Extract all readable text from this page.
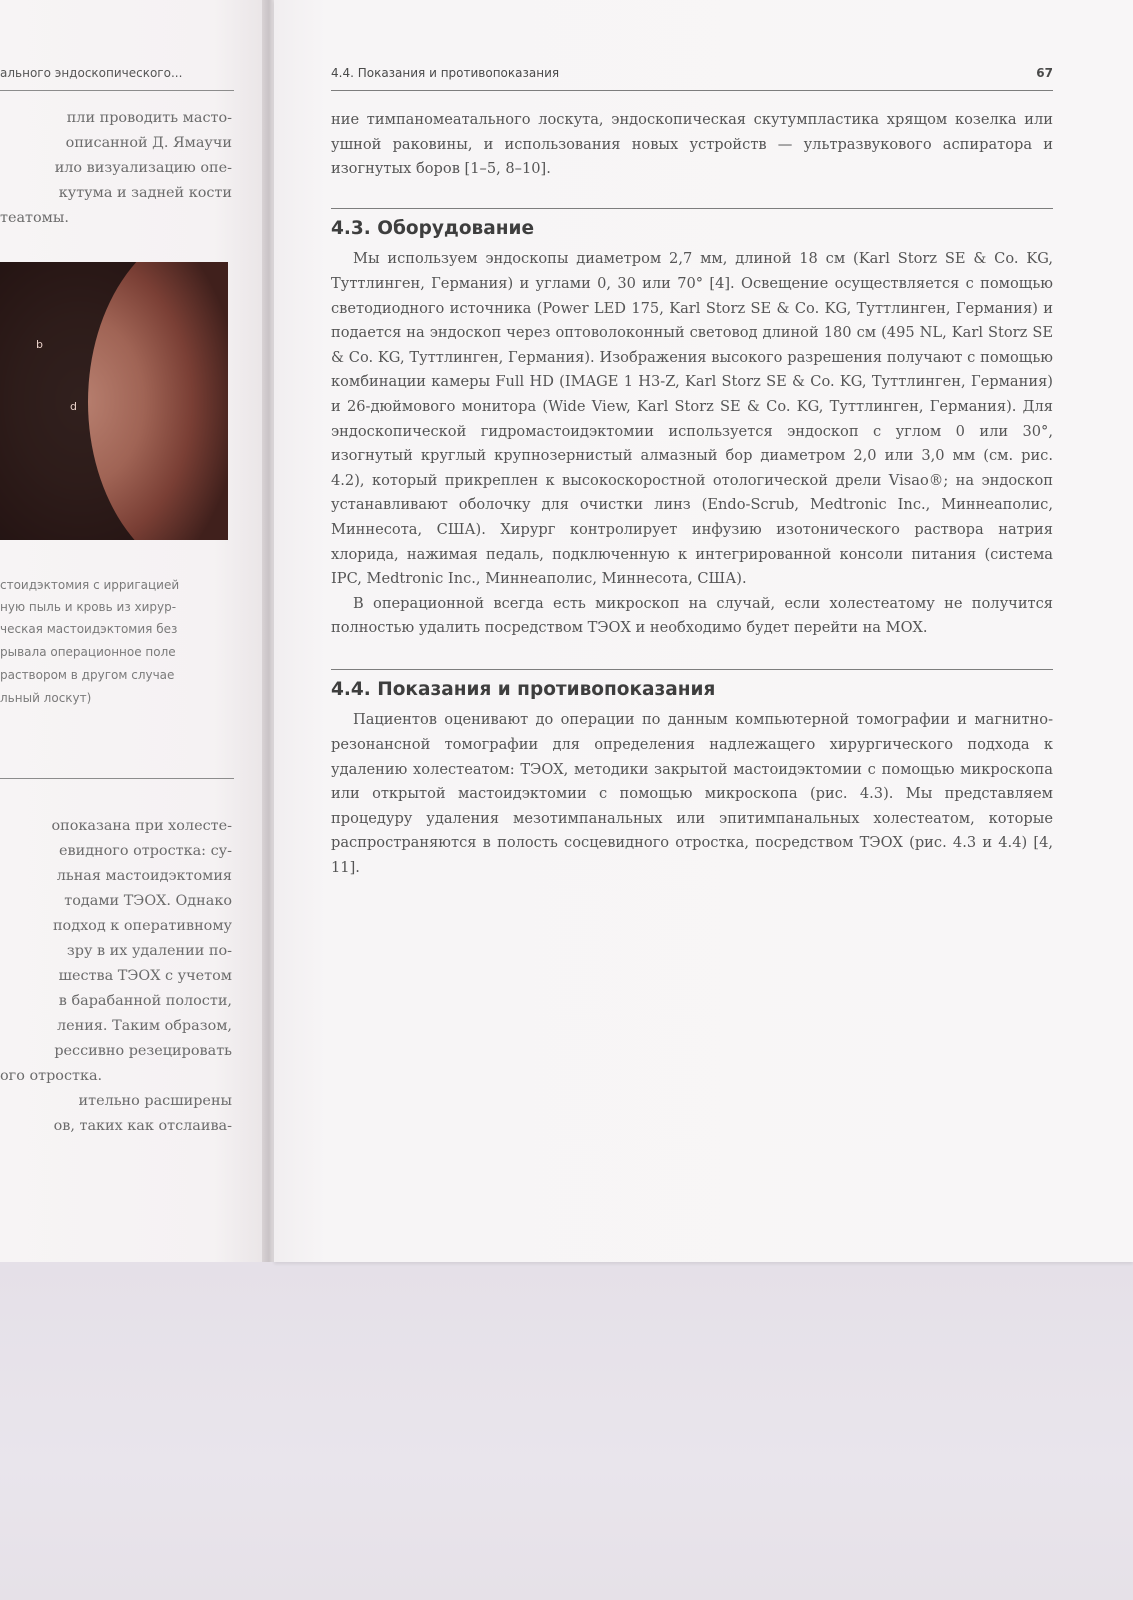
ального эндоскопического...
пли проводить масто-
описанной Д. Ямаучи
ило визуализацию опе-
кутума и задней кости
театомы.
b
d
стоидэктомия с ирригацией
ную пыль и кровь из хирур-
ческая мастоидэктомия без
рывала операционное поле
раствором в другом случае
льный лоскут)
опоказана при холесте-
евидного отростка: су-
льная мастоидэктомия
тодами ТЭОХ. Однако
подход к оперативному
зру в их удалении по-
шества ТЭОХ с учетом
в барабанной полости,
ления. Таким образом,
рессивно резецировать
ого отростка.
ительно расширены
ов, таких как отслаива-
4.4. Показания и противопоказания	67

ние тимпаномеатального лоскута, эндоскопическая скутумпластика хрящом козелка или ушной раковины, и использования новых устройств — ультразвукового аспиратора и изогнутых боров [1–5, 8–10].

4.3. Оборудование

Мы используем эндоскопы диаметром 2,7 мм, длиной 18 см (Karl Storz SE & Co. KG, Туттлинген, Германия) и углами 0, 30 или 70° [4]. Освещение осуществляется с помощью светодиодного источника (Power LED 175, Karl Storz SE & Co. KG, Туттлинген, Германия) и подается на эндоскоп через оптоволоконный световод длиной 180 см (495 NL, Karl Storz SE & Co. KG, Туттлинген, Германия). Изображения высокого разрешения получают с помощью комбинации камеры Full HD (IMAGE 1 H3-Z, Karl Storz SE & Co. KG, Туттлинген, Германия) и 26-дюймового монитора (Wide View, Karl Storz SE & Co. KG, Туттлинген, Германия). Для эндоскопической гидромастоидэктомии используется эндоскоп с углом 0 или 30°, изогнутый круглый крупнозернистый алмазный бор диаметром 2,0 или 3,0 мм (см. рис. 4.2), который прикреплен к высокоскоростной отологической дрели Visao®; на эндоскоп устанавливают оболочку для очистки линз (Endo-Scrub, Medtronic Inc., Миннеаполис, Миннесота, США). Хирург контролирует инфузию изотонического раствора натрия хлорида, нажимая педаль, подключенную к интегрированной консоли питания (система IPC, Medtronic Inc., Миннеаполис, Миннесота, США).

В операционной всегда есть микроскоп на случай, если холестеатому не получится полностью удалить посредством ТЭОХ и необходимо будет перейти на МОХ.

4.4. Показания и противопоказания

Пациентов оценивают до операции по данным компьютерной томографии и магнитно-резонансной томографии для определения надлежащего хирургического подхода к удалению холестеатом: ТЭОХ, методики закрытой мастоидэктомии с помощью микроскопа или открытой мастоидэктомии с помощью микроскопа (рис. 4.3). Мы представляем процедуру удаления мезотимпанальных или эпитимпанальных холестеатом, которые распространяются в полость сосцевидного отростка, посредством ТЭОХ (рис. 4.3 и 4.4) [4, 11].
